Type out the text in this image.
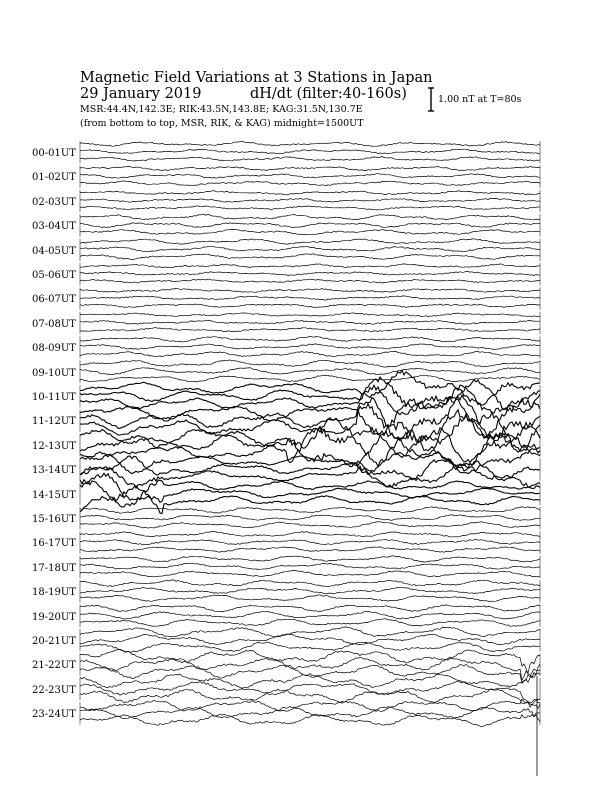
Magnetic Field Variations at 3 Stations in Japan
29 January 2019	dH/dt (filter:40-160s)
MSR:44.4N,142.3E; RIK:43.5N,143.8E; KAG:31.5N,130.7E
(from bottom to top, MSR, RIK, & KAG) midnight=1500UT
1.00 nT at T=80s
00-01UT
01-02UT
02-03UT
03-04UT
04-05UT
05-06UT
06-07UT
07-08UT
08-09UT
09-10UT
10-11UT
11-12UT
12-13UT
13-14UT
14-15UT
15-16UT
16-17UT
17-18UT
18-19UT
19-20UT
20-21UT
21-22UT
22-23UT
23-24UT
